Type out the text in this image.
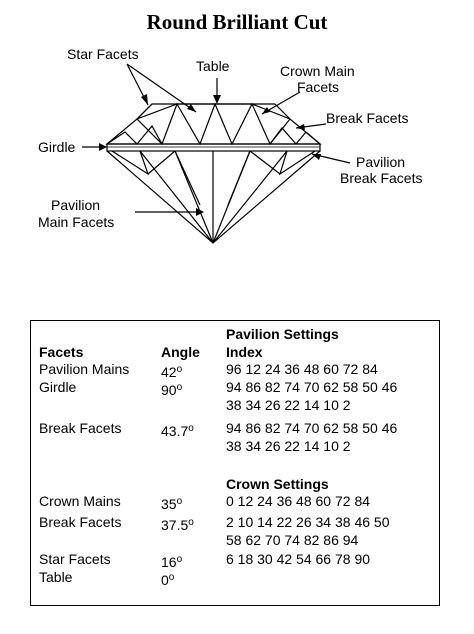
Round Brilliant Cut
Star Facets
Table	Crown Main
Facets
Break Facets
Girdle
Pavilion
Break Facets
Pavilion
Main Facets
Pavilion Settings
Facets	Angle Index
Pavilion Mains 42$^o$	96 12 24 36 48 60 72 84
Girdle	90$^o$	94 86 82 74 70 62 58 50 46
38 34 26 22 14 10 2
Break Facets	43.7$^o$ 94 86 82 74 70 62 58 50 46
38 34 26 22 14 10 2
Crown Settings
Crown Mains	35$^o$	0 12 24 36 48 60 72 84
Break Facets	37.5$^o$ 2 10 14 22 26 34 38 46 50
58 62 70 74 82 86 94
Star Facets	16$^o$	6 18 30 42 54 66 78 90
Table	0$^o$
